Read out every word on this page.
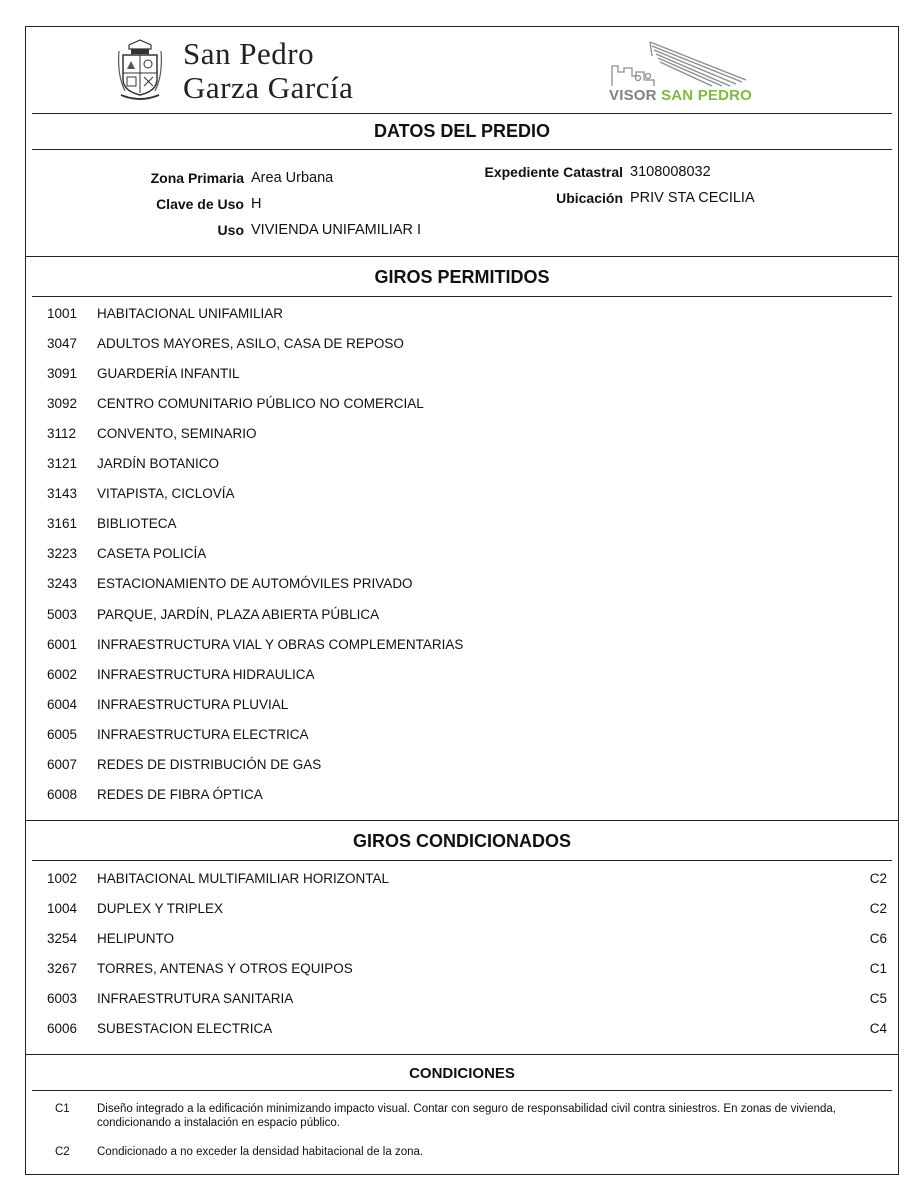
San Pedro
Garza García	VISOR SAN PEDRO
DATOS DEL PREDIO
Zona Primaria Area Urbana
Clave de Uso H
Uso VIVIENDA UNIFAMILIAR I
Expediente Catastral 3108008032
Ubicación PRIV STA CECILIA
GIROS PERMITIDOS
1001 HABITACIONAL UNIFAMILIAR
3047 ADULTOS MAYORES, ASILO, CASA DE REPOSO
3091 GUARDERÍA INFANTIL
3092 CENTRO COMUNITARIO PÚBLICO NO COMERCIAL
3112 CONVENTO, SEMINARIO
3121 JARDÍN BOTANICO
3143 VITAPISTA, CICLOVÍA
3161 BIBLIOTECA
3223 CASETA POLICÍA
3243 ESTACIONAMIENTO DE AUTOMÓVILES PRIVADO
5003 PARQUE, JARDÍN, PLAZA ABIERTA PÚBLICA
6001 INFRAESTRUCTURA VIAL Y OBRAS COMPLEMENTARIAS
6002 INFRAESTRUCTURA HIDRAULICA
6004 INFRAESTRUCTURA PLUVIAL
6005 INFRAESTRUCTURA ELECTRICA
6007 REDES DE DISTRIBUCIÓN DE GAS
6008 REDES DE FIBRA ÓPTICA
GIROS CONDICIONADOS
1002 HABITACIONAL MULTIFAMILIAR HORIZONTAL	C2
1004 DUPLEX Y TRIPLEX	C2
3254 HELIPUNTO	C6
3267 TORRES, ANTENAS Y OTROS EQUIPOS	C1
6003 INFRAESTRUTURA SANITARIA	C5
6006 SUBESTACION ELECTRICA	C4
CONDICIONES
C1 Diseño integrado a la edificación minimizando impacto visual. Contar con seguro de responsabilidad civil contra siniestros. En zonas de vivienda, condicionando a instalación en espacio público.
C2 Condicionado a no exceder la densidad habitacional de la zona.
